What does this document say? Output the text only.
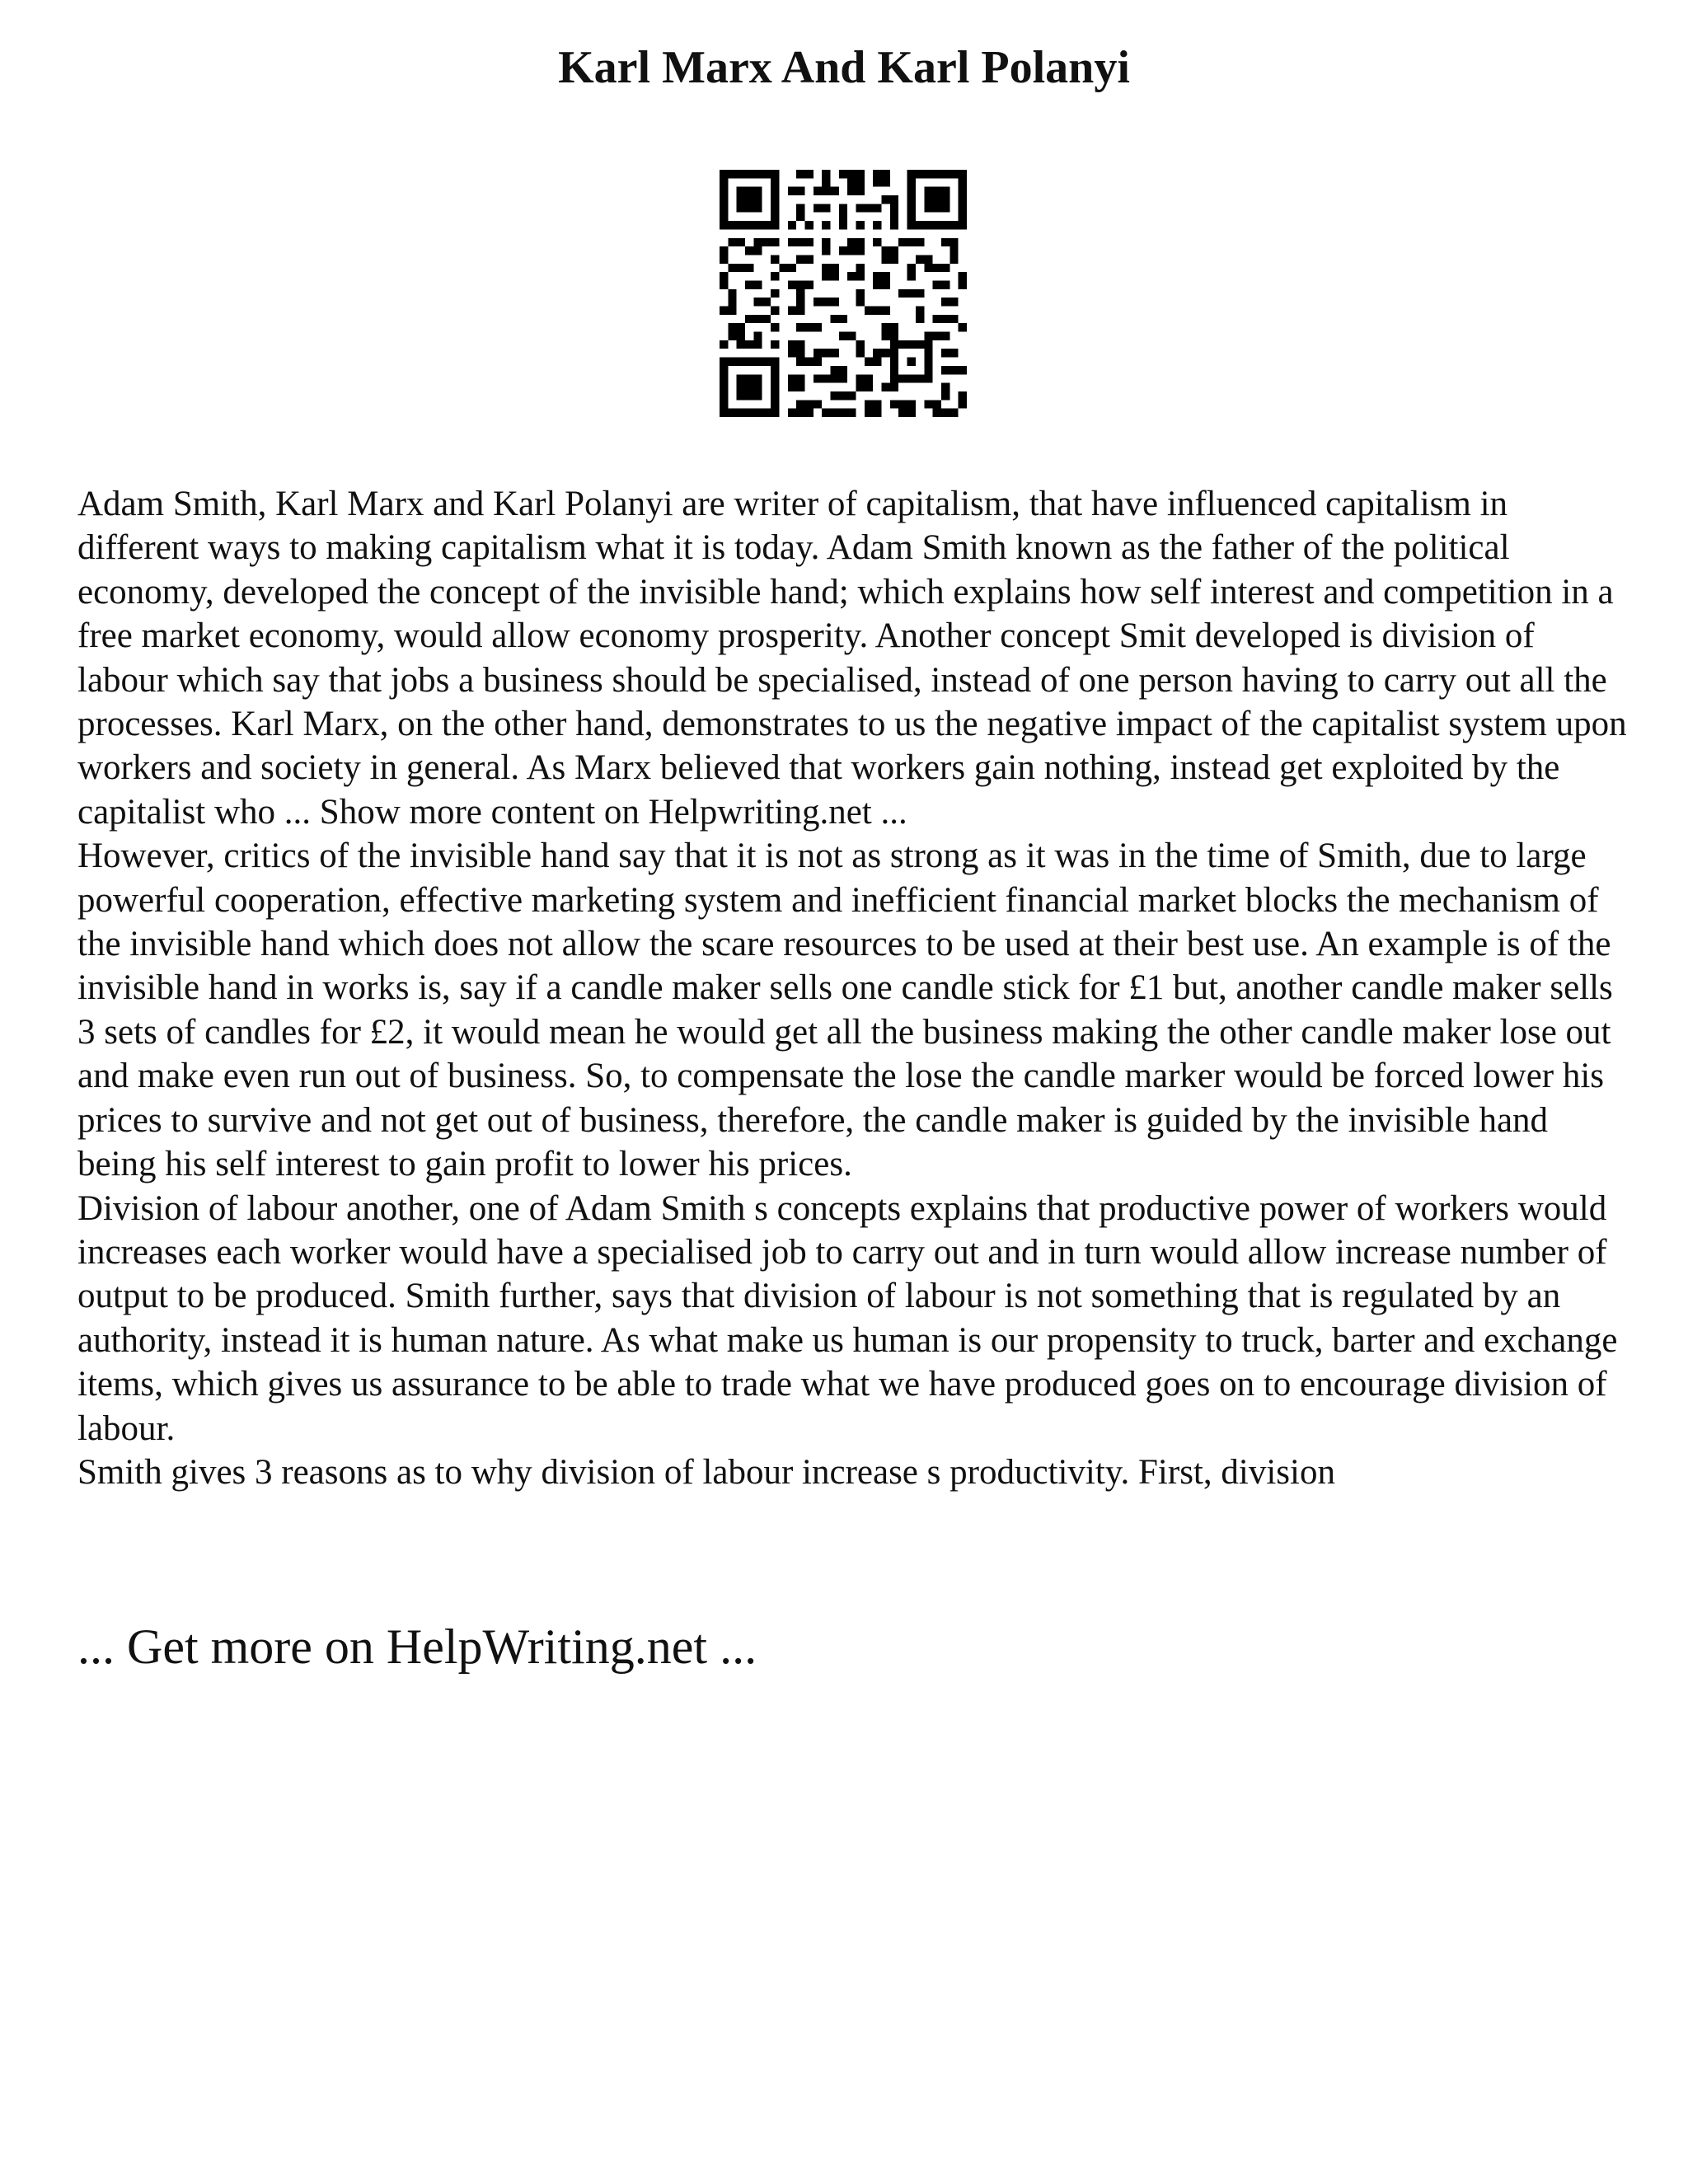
Karl Marx And Karl Polanyi

Adam Smith, Karl Marx and Karl Polanyi are writer of capitalism, that have influenced capitalism in different ways to making capitalism what it is today. Adam Smith known as the father of the political economy, developed the concept of the invisible hand; which explains how self interest and competition in a free market economy, would allow economy prosperity. Another concept Smit developed is division of labour which say that jobs a business should be specialised, instead of one person having to carry out all the processes. Karl Marx, on the other hand, demonstrates to us the negative impact of the capitalist system upon workers and society in general. As Marx believed that workers gain nothing, instead get exploited by the capitalist who ... Show more content on Helpwriting.net ...

However, critics of the invisible hand say that it is not as strong as it was in the time of Smith, due to large powerful cooperation, effective marketing system and inefficient financial market blocks the mechanism of the invisible hand which does not allow the scare resources to be used at their best use. An example is of the invisible hand in works is, say if a candle maker sells one candle stick for £1 but, another candle maker sells 3 sets of candles for £2, it would mean he would get all the business making the other candle maker lose out and make even run out of business. So, to compensate the lose the candle marker would be forced lower his prices to survive and not get out of business, therefore, the candle maker is guided by the invisible hand being his self interest to gain profit to lower his prices.

Division of labour another, one of Adam Smith s concepts explains that productive power of workers would increases each worker would have a specialised job to carry out and in turn would allow increase number of output to be produced. Smith further, says that division of labour is not something that is regulated by an authority, instead it is human nature. As what make us human is our propensity to truck, barter and exchange items, which gives us assurance to be able to trade what we have produced goes on to encourage division of labour.

Smith gives 3 reasons as to why division of labour increase s productivity. First, division

... Get more on HelpWriting.net ...
